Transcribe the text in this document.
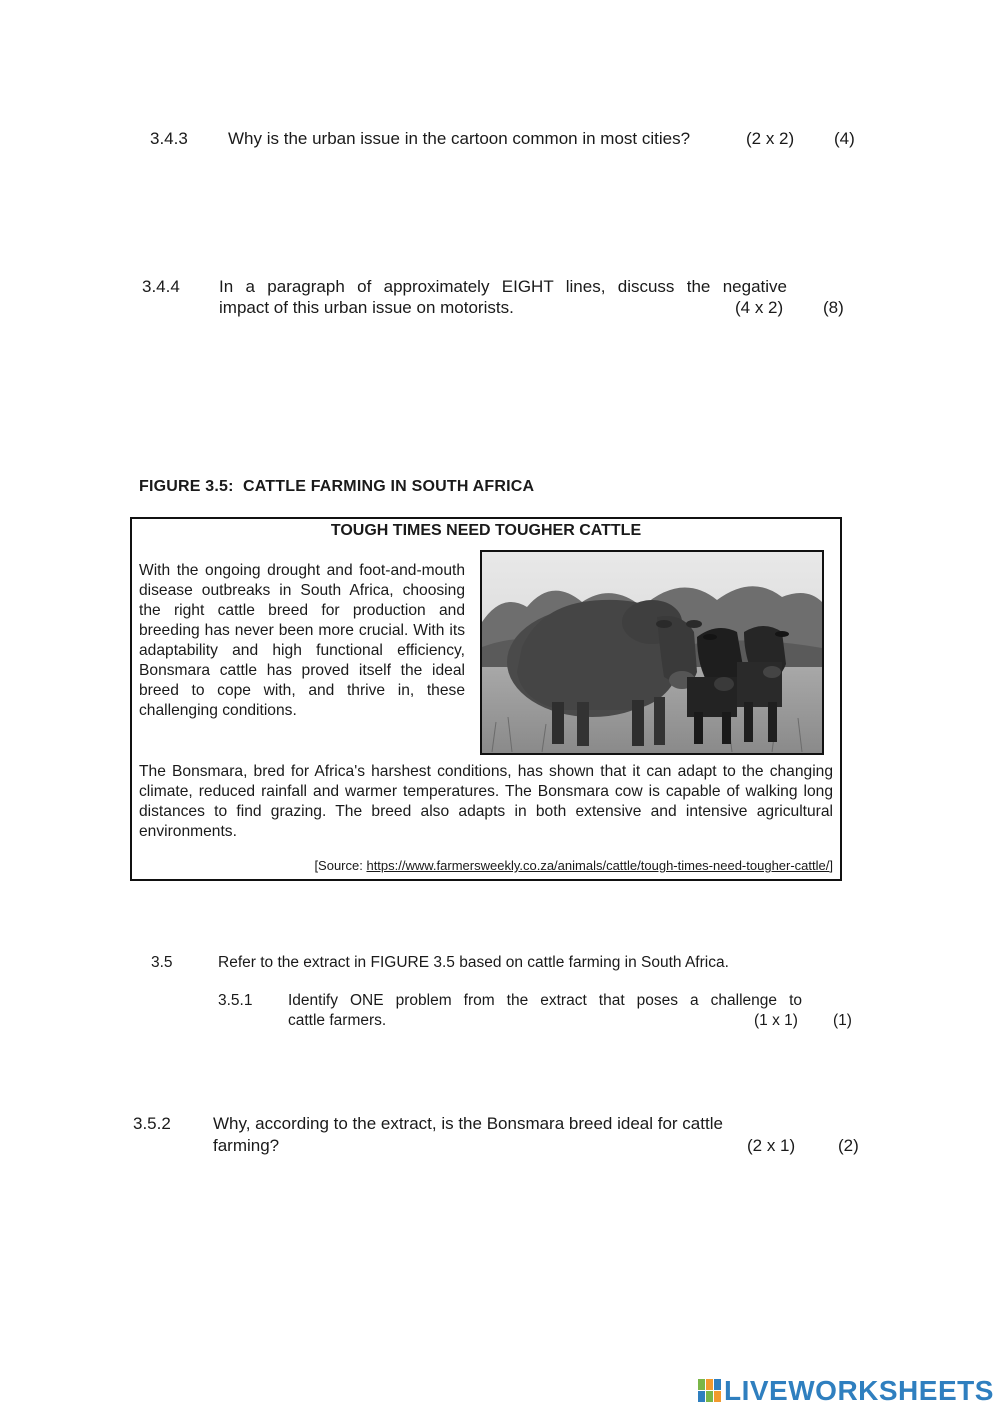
3.4.3 Why is the urban issue in the cartoon common in most cities?	(2 x 2) (4)
3.4.4 In a paragraph of approximately EIGHT lines, discuss the negative
impact of this urban issue on motorists.	(4 x 2) (8)
FIGURE 3.5:  CATTLE FARMING IN SOUTH AFRICA
TOUGH TIMES NEED TOUGHER CATTLE
With the ongoing drought and foot-and-mouth disease outbreaks in South Africa, choosing the right cattle breed for production and breeding has never been more crucial. With its adaptability and high functional efficiency, Bonsmara cattle has proved itself the ideal breed to cope with, and thrive in, these challenging conditions.
The Bonsmara, bred for Africa's harshest conditions, has shown that it can adapt to the changing climate, reduced rainfall and warmer temperatures. The Bonsmara cow is capable of walking long distances to find grazing. The breed also adapts in both extensive and intensive agricultural environments.
[Source: https://www.farmersweekly.co.za/animals/cattle/tough-times-need-tougher-cattle/]
3.5	Refer to the extract in FIGURE 3.5 based on cattle farming in South Africa.
3.5.1 Identify ONE problem from the extract that poses a challenge to
cattle farmers.	(1 x 1) (1)
3.5.2 Why, according to the extract, is the Bonsmara breed ideal for cattle
farming?	(2 x 1)	(2)
LIVEWORKSHEETS
